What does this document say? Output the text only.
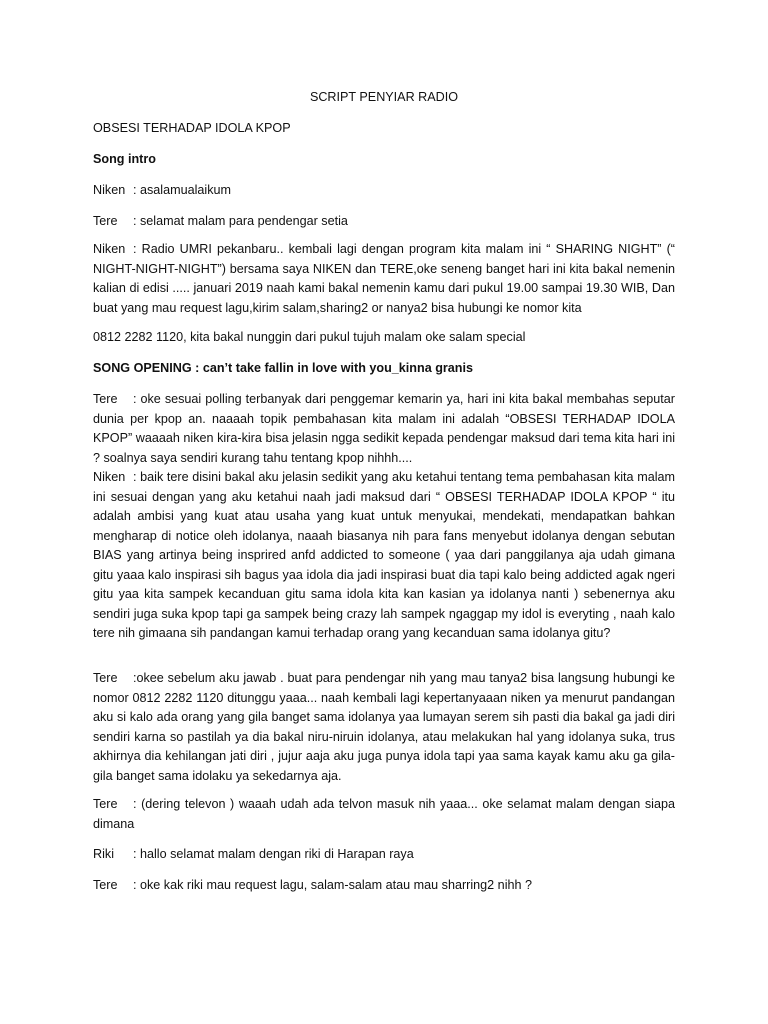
SCRIPT PENYIAR RADIO

OBSESI TERHADAP IDOLA KPOP

Song intro

Niken : asalamualaikum

Tere : selamat malam para pendengar setia

Niken : Radio UMRI pekanbaru.. kembali lagi dengan program kita malam ini “ SHARING NIGHT” (“ NIGHT-NIGHT-NIGHT”) bersama saya NIKEN dan TERE,oke seneng banget hari ini kita bakal nemenin kalian di edisi ..... januari 2019 naah kami bakal nemenin kamu dari pukul 19.00 sampai 19.30 WIB, Dan buat yang mau request lagu,kirim salam,sharing2 or nanya2 bisa hubungi ke nomor kita

0812 2282 1120, kita bakal nunggin dari pukul tujuh malam oke salam special

SONG OPENING : can’t take fallin in love with you_kinna granis

Tere : oke sesuai polling terbanyak dari penggemar kemarin ya, hari ini kita bakal membahas seputar dunia per kpop an. naaaah topik pembahasan kita malam ini adalah “OBSESI TERHADAP IDOLA KPOP” waaaah niken kira-kira bisa jelasin ngga sedikit kepada pendengar maksud dari tema kita hari ini ? soalnya saya sendiri kurang tahu tentang kpop nihhh....

Niken : baik tere disini bakal aku jelasin sedikit yang aku ketahui tentang tema pembahasan kita malam ini sesuai dengan yang aku ketahui naah jadi maksud dari “ OBSESI TERHADAP IDOLA KPOP “ itu adalah ambisi yang kuat atau usaha yang kuat untuk menyukai, mendekati, mendapatkan bahkan mengharap di notice oleh idolanya, naaah biasanya nih para fans menyebut idolanya dengan sebutan BIAS yang artinya being insprired anfd addicted to someone ( yaa dari panggilanya aja udah gimana gitu yaaa kalo inspirasi sih bagus yaa idola dia jadi inspirasi buat dia tapi kalo being addicted agak ngeri gitu yaa kita sampek kecanduan gitu sama idola kita kan kasian ya idolanya nanti ) sebenernya aku sendiri juga suka kpop tapi ga sampek being crazy lah sampek ngaggap my idol is everyting , naah kalo tere nih gimaana sih pandangan kamui terhadap orang yang kecanduan sama idolanya gitu?

Tere :okee sebelum aku jawab . buat para pendengar nih yang mau tanya2 bisa langsung hubungi ke nomor 0812 2282 1120 ditunggu yaaa... naah kembali lagi kepertanyaaan niken ya menurut pandangan aku si kalo ada orang yang gila banget sama idolanya yaa lumayan serem sih pasti dia bakal ga jadi diri sendiri karna so pastilah ya dia bakal niru-niruin idolanya, atau melakukan hal yang idolanya suka, trus akhirnya dia kehilangan jati diri , jujur aaja aku juga punya idola tapi yaa sama kayak kamu aku ga gila-gila banget sama idolaku ya sekedarnya aja.

Tere : (dering televon ) waaah udah ada telvon masuk nih yaaa... oke selamat malam dengan siapa dimana

Riki : hallo selamat malam dengan riki di Harapan raya

Tere : oke kak riki mau request lagu, salam-salam atau mau sharring2 nihh ?
